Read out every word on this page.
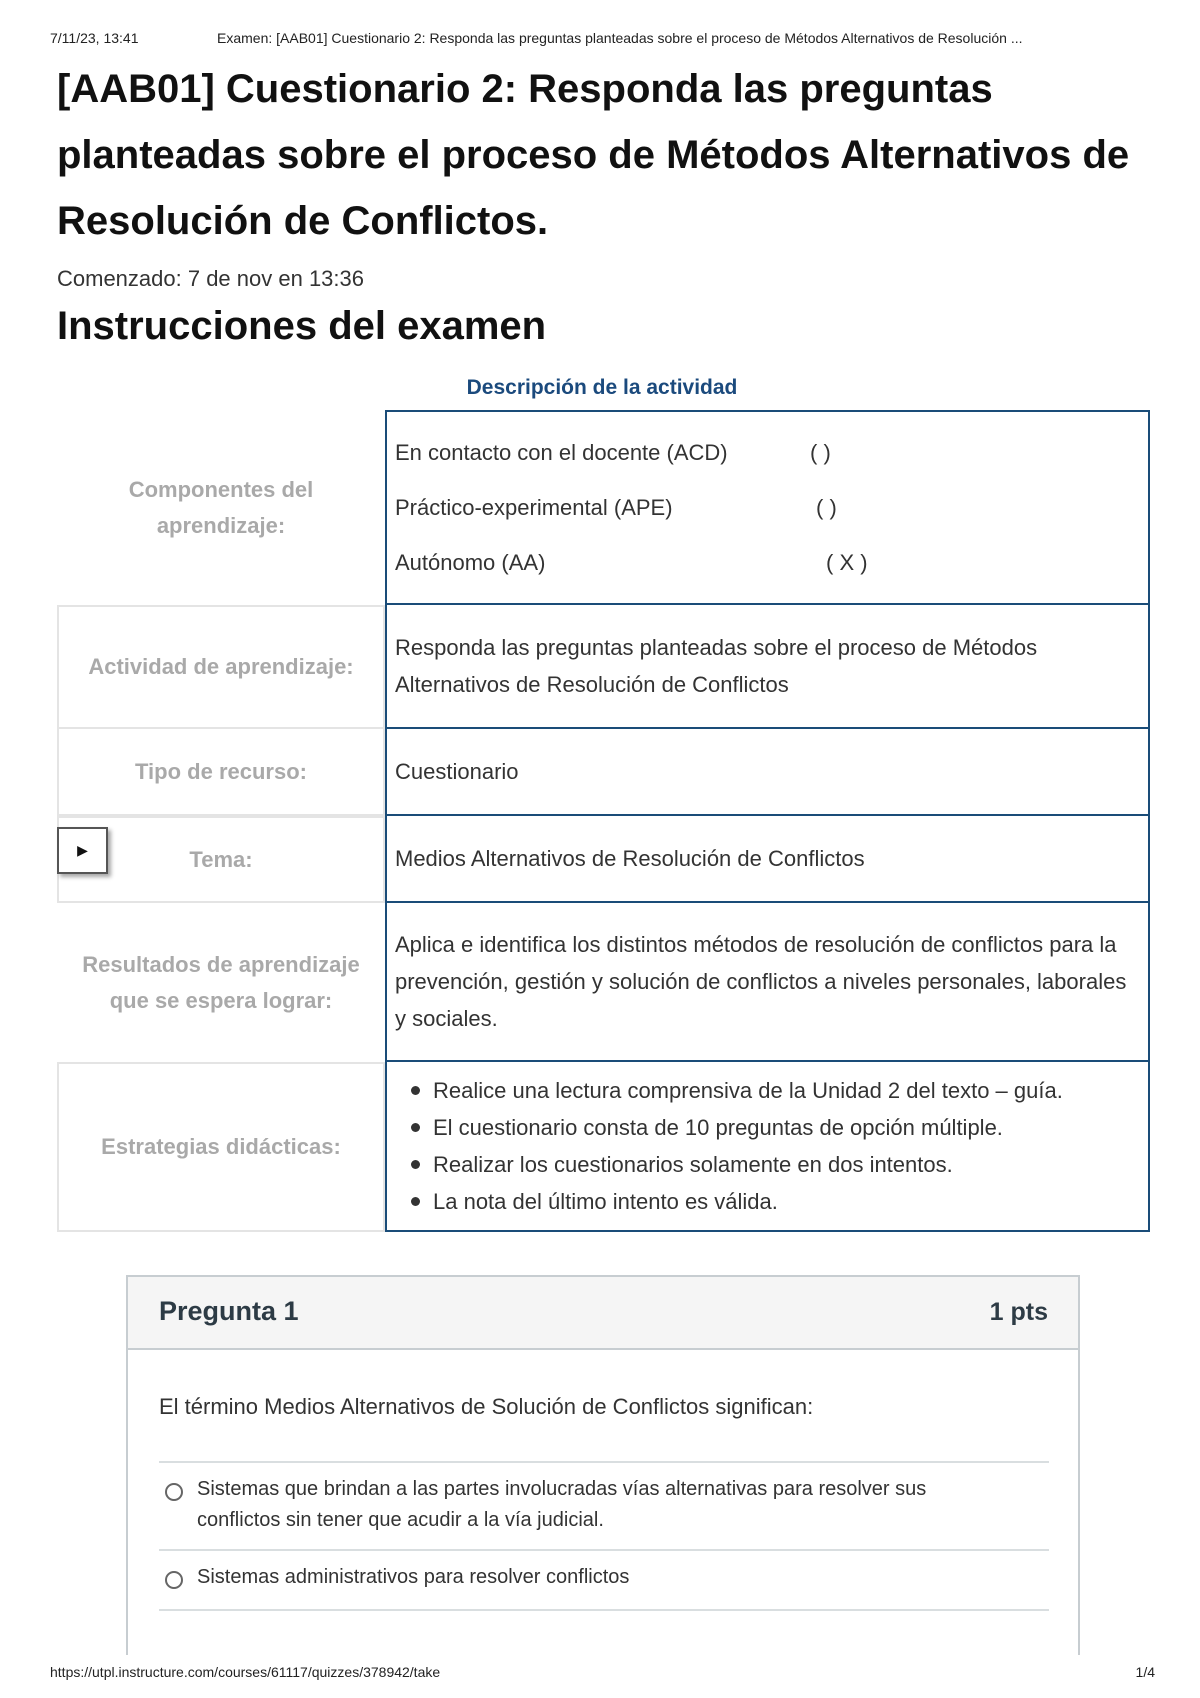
7/11/23, 13:41	Examen: [AAB01] Cuestionario 2: Responda las preguntas planteadas sobre el proceso de Métodos Alternativos de Resolución ...
[AAB01] Cuestionario 2: Responda las preguntas planteadas sobre el proceso de Métodos Alternativos de Resolución de Conflictos.
Comenzado: 7 de nov en 13:36
Instrucciones del examen
Descripción de la actividad
Componentes del aprendizaje:
En contacto con el docente (ACD)	( )
Práctico-experimental (APE)	( )
Autónomo (AA)	( X )
Actividad de aprendizaje:
Responda las preguntas planteadas sobre el proceso de Métodos Alternativos de Resolución de Conflictos
Tipo de recurso:	Cuestionario
Tema:	Medios Alternativos de Resolución de Conflictos
Resultados de aprendizaje que se espera lograr:
Aplica e identifica los distintos métodos de resolución de conflictos para la prevención, gestión y solución de conflictos a niveles personales, laborales y sociales.
Estrategias didácticas:
Realice una lectura comprensiva de la Unidad 2 del texto – guía.
El cuestionario consta de 10 preguntas de opción múltiple.
Realizar los cuestionarios solamente en dos intentos.
La nota del último intento es válida.
▶
Pregunta 1	1 pts
El término Medios Alternativos de Solución de Conflictos significan:
Sistemas que brindan a las partes involucradas vías alternativas para resolver sus conflictos sin tener que acudir a la vía judicial.
Sistemas administrativos para resolver conflictos
https://utpl.instructure.com/courses/61117/quizzes/378942/take	1/4
